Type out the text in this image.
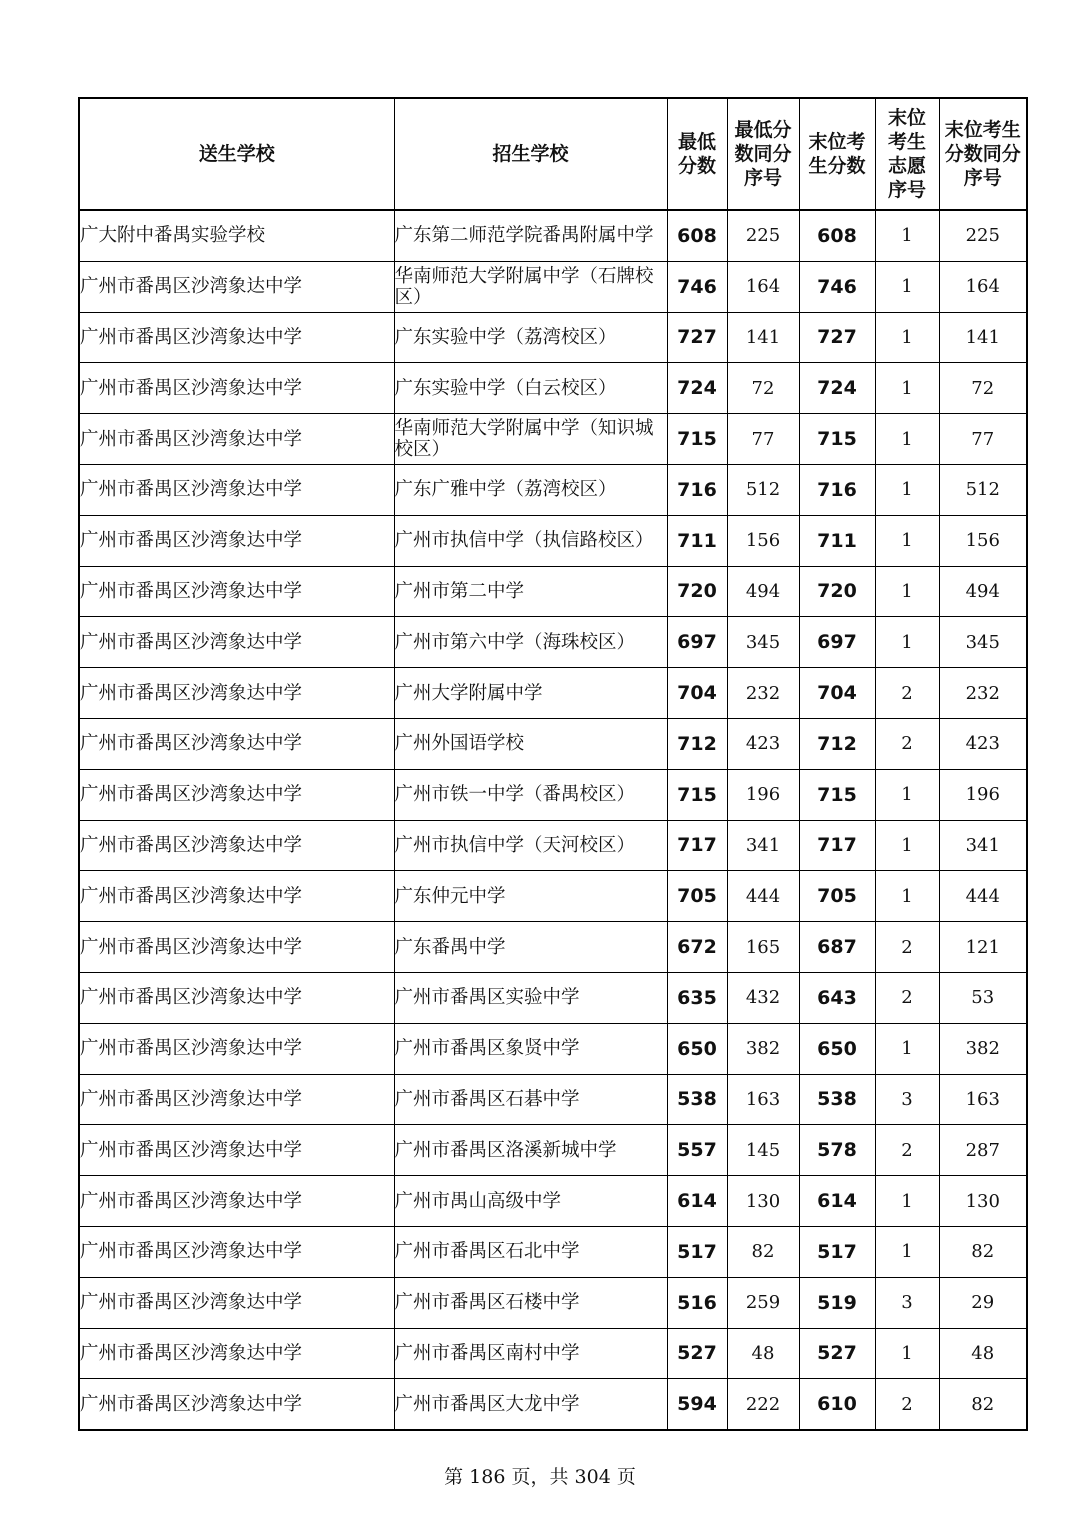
送生学校	招生学校	最低分数	最低分数同分序号	末位考生分数	末位考生志愿序号	末位考生分数同分序号

广大附中番禺实验学校	广东第二师范学院番禺附属中学	608	225	608	1	225
广州市番禺区沙湾象达中学	华南师范大学附属中学（石牌校区）	746	164	746	1	164
广州市番禺区沙湾象达中学	广东实验中学（荔湾校区）	727	141	727	1	141
广州市番禺区沙湾象达中学	广东实验中学（白云校区）	724	72	724	1	72
广州市番禺区沙湾象达中学	华南师范大学附属中学（知识城校区）	715	77	715	1	77
广州市番禺区沙湾象达中学	广东广雅中学（荔湾校区）	716	512	716	1	512
广州市番禺区沙湾象达中学	广州市执信中学（执信路校区）	711	156	711	1	156
广州市番禺区沙湾象达中学	广州市第二中学	720	494	720	1	494
广州市番禺区沙湾象达中学	广州市第六中学（海珠校区）	697	345	697	1	345
广州市番禺区沙湾象达中学	广州大学附属中学	704	232	704	2	232
广州市番禺区沙湾象达中学	广州外国语学校	712	423	712	2	423
广州市番禺区沙湾象达中学	广州市铁一中学（番禺校区）	715	196	715	1	196
广州市番禺区沙湾象达中学	广州市执信中学（天河校区）	717	341	717	1	341
广州市番禺区沙湾象达中学	广东仲元中学	705	444	705	1	444
广州市番禺区沙湾象达中学	广东番禺中学	672	165	687	2	121
广州市番禺区沙湾象达中学	广州市番禺区实验中学	635	432	643	2	53
广州市番禺区沙湾象达中学	广州市番禺区象贤中学	650	382	650	1	382
广州市番禺区沙湾象达中学	广州市番禺区石碁中学	538	163	538	3	163
广州市番禺区沙湾象达中学	广州市番禺区洛溪新城中学	557	145	578	2	287
广州市番禺区沙湾象达中学	广州市禺山高级中学	614	130	614	1	130
广州市番禺区沙湾象达中学	广州市番禺区石北中学	517	82	517	1	82
广州市番禺区沙湾象达中学	广州市番禺区石楼中学	516	259	519	3	29
广州市番禺区沙湾象达中学	广州市番禺区南村中学	527	48	527	1	48
广州市番禺区沙湾象达中学	广州市番禺区大龙中学	594	222	610	2	82
第 186 页，共 304 页
